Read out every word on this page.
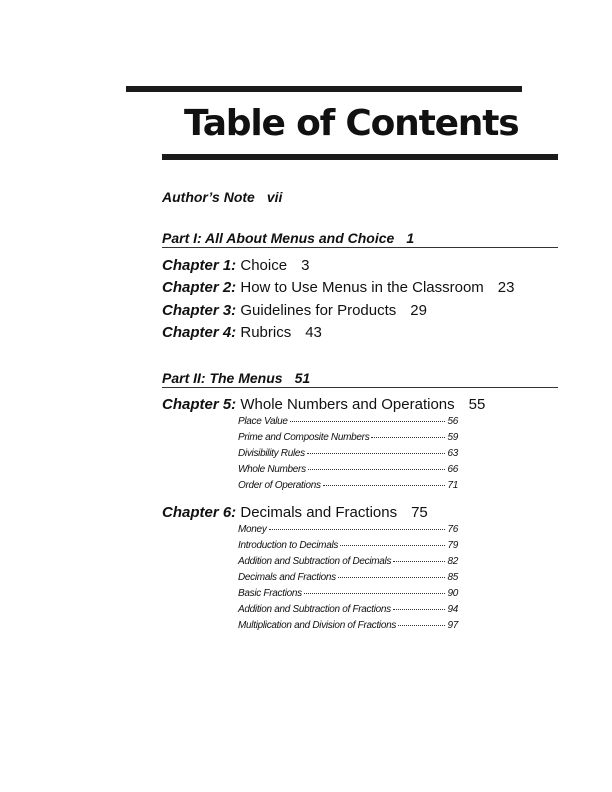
Table of Contents
Author’s Note vii
Part I: All About Menus and Choice 1
Chapter 1: Choice 3
Chapter 2: How to Use Menus in the Classroom 23
Chapter 3: Guidelines for Products 29
Chapter 4: Rubrics 43
Part II: The Menus 51
Chapter 5: Whole Numbers and Operations 55
Place Value	56
Prime and Composite Numbers	59
Divisibility Rules	63
Whole Numbers	66
Order of Operations	71
Chapter 6: Decimals and Fractions 75
Money	76
Introduction to Decimals	79
Addition and Subtraction of Decimals	82
Decimals and Fractions	85
Basic Fractions	90
Addition and Subtraction of Fractions	94
Multiplication and Division of Fractions	97
